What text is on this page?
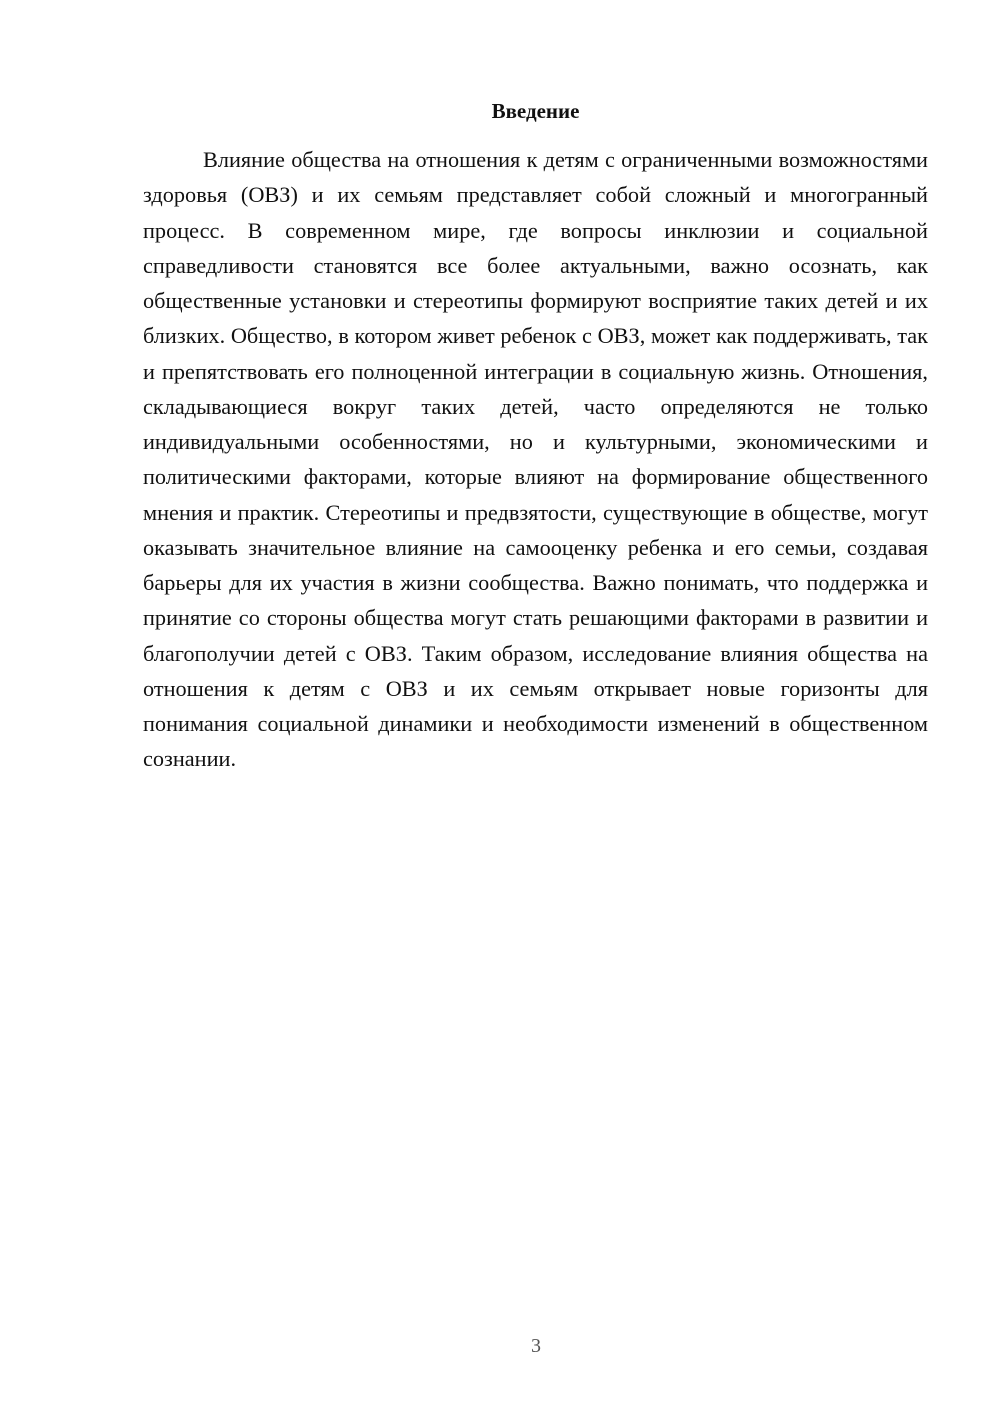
Введение

Влияние общества на отношения к детям с ограниченными возможностями здоровья (ОВЗ) и их семьям представляет собой сложный и многогранный процесс. В современном мире, где вопросы инклюзии и социальной справедливости становятся все более актуальными, важно осознать, как общественные установки и стереотипы формируют восприятие таких детей и их близких. Общество, в котором живет ребенок с ОВЗ, может как поддерживать, так и препятствовать его полноценной интеграции в социальную жизнь. Отношения, складывающиеся вокруг таких детей, часто определяются не только индивидуальными особенностями, но и культурными, экономическими и политическими факторами, которые влияют на формирование общественного мнения и практик. Стереотипы и предвзятости, существующие в обществе, могут оказывать значительное влияние на самооценку ребенка и его семьи, создавая барьеры для их участия в жизни сообщества. Важно понимать, что поддержка и принятие со стороны общества могут стать решающими факторами в развитии и благополучии детей с ОВЗ. Таким образом, исследование влияния общества на отношения к детям с ОВЗ и их семьям открывает новые горизонты для понимания социальной динамики и необходимости изменений в общественном сознании.

3
